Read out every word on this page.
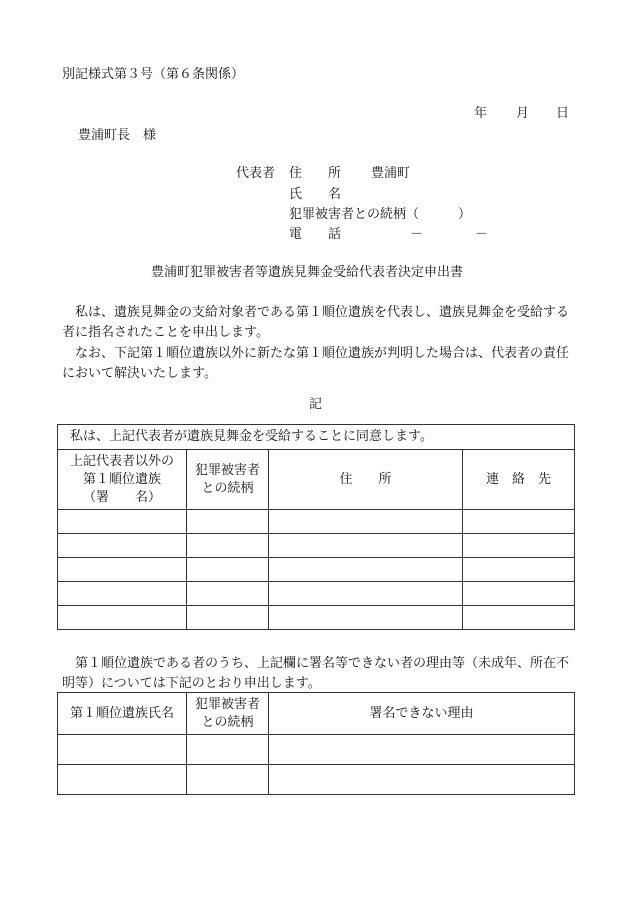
別記様式第３号（第６条関係）
年 月 日
豊浦町長　様
代表者 住　　所 豊浦町
氏　　名
犯罪被害者との続柄（　　　）
電　　話	－　　　　－
豊浦町犯罪被害者等遺族見舞金受給代表者決定申出書
私は、遺族見舞金の支給対象者である第１順位遺族を代表し、遺族見舞金を受給する者に指名されたことを申出します。
なお、下記第１順位遺族以外に新たな第１順位遺族が判明した場合は、代表者の責任において解決いたします。
記
私は、上記代表者が遺族見舞金を受給することに同意します。			

上記代表者以外の
第１順位遺族
（署　　名）	犯罪被害者
との続柄	住　　所	連　絡　先

第１順位遺族である者のうち、上記欄に署名等できない者の理由等（未成年、所在不明等）については下記のとおり申出します。
第１順位遺族氏名	犯罪被害者
との続柄	署名できない理由
